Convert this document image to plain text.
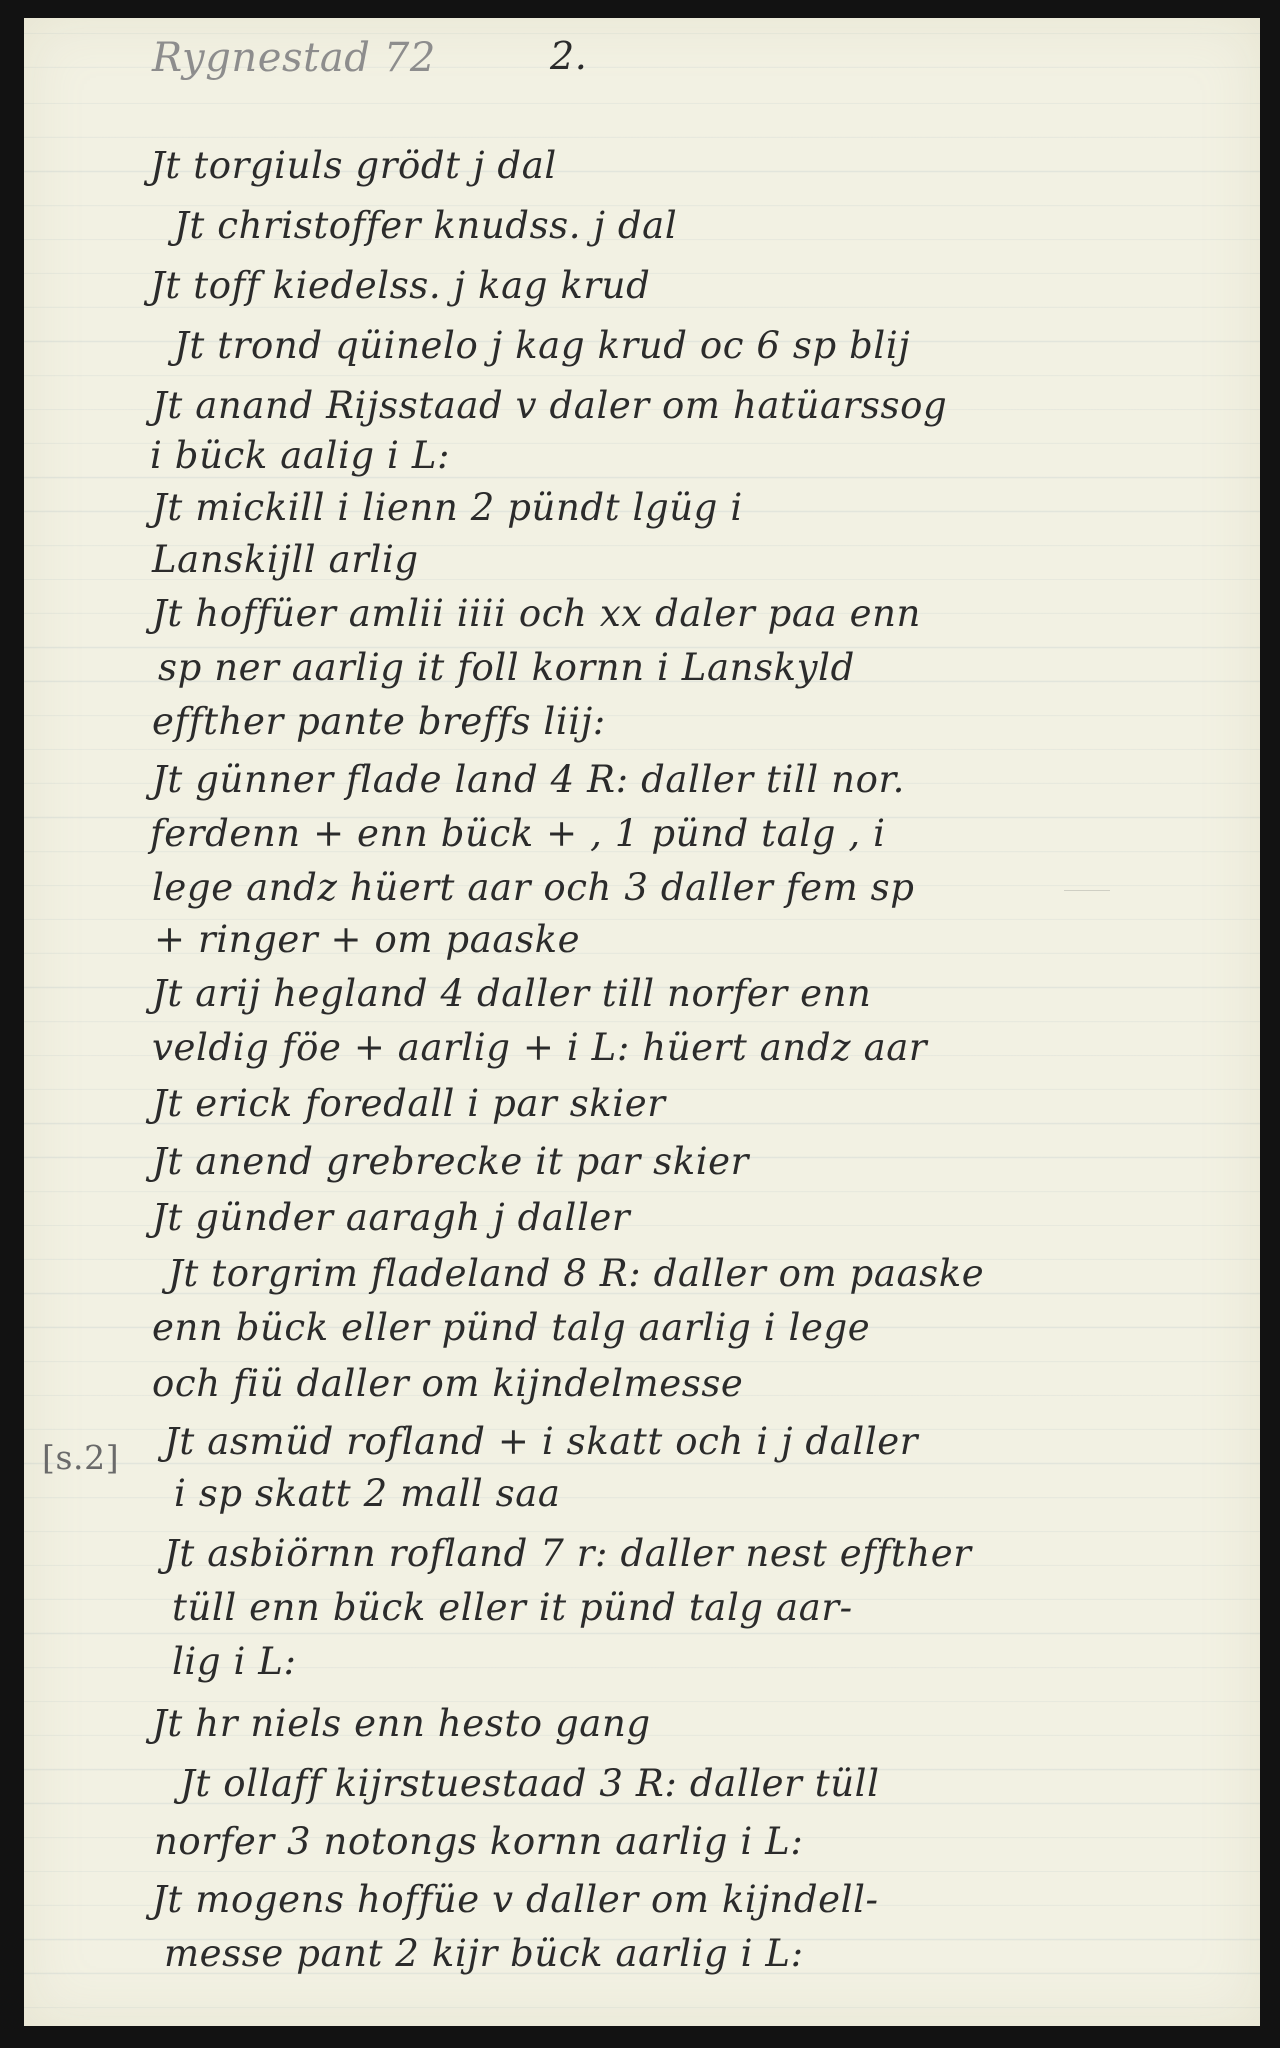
Rygnestad 72	2.
[s.2]
Jt torgiuls grödt j dal
Jt christoffer knudss. j dal
Jt toff kiedelss. j kag krud
Jt trond qüinelo j kag krud oc 6 sp blij
Jt anand Rijsstaad v daler om hatüarssog
i bück aalig i L:
Jt mickill i lienn 2 pündt lgüg i
Lanskijll arlig
Jt hoffüer amlii iiii och xx daler paa enn
sp ner aarlig it foll kornn i Lanskyld
effther pante breffs liij:
Jt günner flade land 4 R: daller till nor.
ferdenn + enn bück + , 1 pünd talg , i
lege andz hüert aar och 3 daller fem sp
+ ringer + om paaske
Jt arij hegland 4 daller till norfer enn
veldig föe + aarlig + i L: hüert andz aar
Jt erick foredall i par skier
Jt anend grebrecke it par skier
Jt günder aaragh j daller
Jt torgrim fladeland 8 R: daller om paaske
enn bück eller pünd talg aarlig i lege
och fiü daller om kijndelmesse
Jt asmüd rofland + i skatt och i j daller
i sp skatt 2 mall saa
Jt asbiörnn rofland 7 r: daller nest effther
tüll enn bück eller it pünd talg aar-
lig i L:
Jt hr niels enn hesto gang
Jt ollaff kijrstuestaad 3 R: daller tüll
norfer 3 notongs kornn aarlig i L:
Jt mogens hoffüe v daller om kijndell-
messe pant 2 kijr bück aarlig i L:
